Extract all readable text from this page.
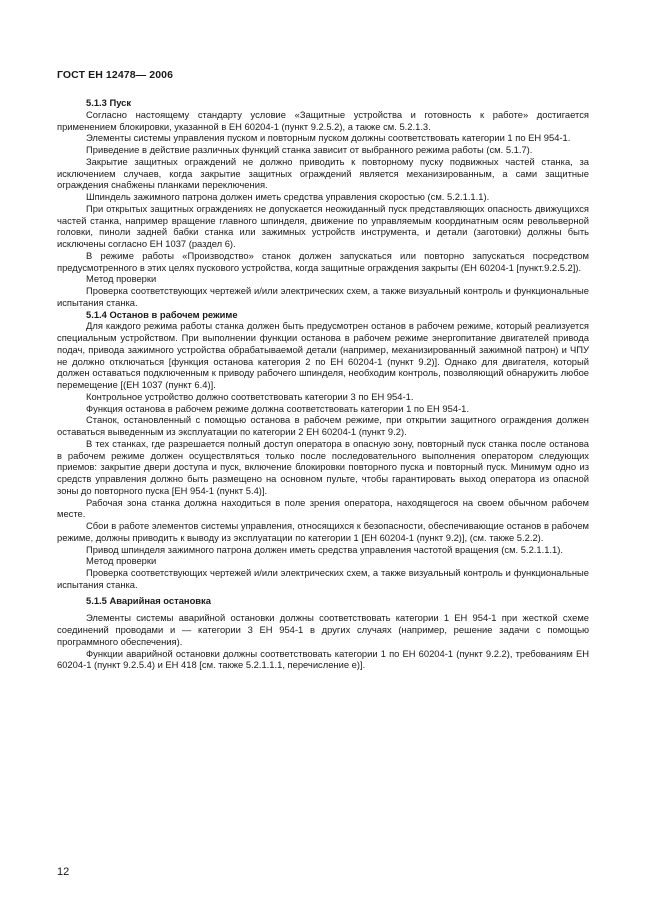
ГОСТ ЕН 12478— 2006

5.1.3 Пуск

Согласно настоящему стандарту условие «Защитные устройства и готовность к работе» достигается применением блокировки, указанной в ЕН 60204-1 (пункт 9.2.5.2), а также см. 5.2.1.3.

Элементы системы управления пуском и повторным пуском должны соответствовать категории 1 по ЕН 954-1.

Приведение в действие различных функций станка зависит от выбранного режима работы (см. 5.1.7).

Закрытие защитных ограждений не должно приводить к повторному пуску подвижных частей станка, за исключением случаев, когда закрытие защитных ограждений является механизированным, а сами защитные ограждения снабжены планками переключения.

Шпиндель зажимного патрона должен иметь средства управления скоростью (см. 5.2.1.1.1).

При открытых защитных ограждениях не допускается неожиданный пуск представляющих опасность движущихся частей станка, например вращение главного шпинделя, движение по управляемым координатным осям револьверной головки, пиноли задней бабки станка или зажимных устройств инструмента, и детали (заготовки) должны быть исключены согласно ЕН 1037 (раздел 6).

В режиме работы «Производство» станок должен запускаться или повторно запускаться посредством предусмотренного в этих целях пускового устройства, когда защитные ограждения закрыты (ЕН 60204-1 [пункт.9.2.5.2]).

Метод проверки

Проверка соответствующих чертежей и/или электрических схем, а также визуальный контроль и функциональные испытания станка.

5.1.4 Останов в рабочем режиме

Для каждого режима работы станка должен быть предусмотрен останов в рабочем режиме, который реализуется специальным устройством. При выполнении функции останова в рабочем режиме энергопитание двигателей привода подач, привода зажимного устройства обрабатываемой детали (например, механизированный зажимной патрон) и ЧПУ не должно отключаться [функция останова категория 2 по ЕН 60204-1 (пункт 9.2)]. Однако для двигателя, который должен оставаться подключенным к приводу рабочего шпинделя, необходим контроль, позволяющий обнаружить любое перемещение [(ЕН 1037 (пункт 6.4)].

Контрольное устройство должно соответствовать категории 3 по ЕН 954-1.

Функция останова в рабочем режиме должна соответствовать категории 1 по ЕН 954-1.

Станок, остановленный с помощью останова в рабочем режиме, при открытии защитного ограждения должен оставаться выведенным из эксплуатации по категории 2 ЕН 60204-1 (пункт 9.2).

В тех станках, где разрешается полный доступ оператора в опасную зону, повторный пуск станка после останова в рабочем режиме должен осуществляться только после последовательного выполнения оператором следующих приемов: закрытие двери доступа и пуск, включение блокировки повторного пуска и повторный пуск. Минимум одно из средств управления должно быть размещено на основном пульте, чтобы гарантировать выход оператора из опасной зоны до повторного пуска [ЕН 954-1 (пункт 5.4)].

Рабочая зона станка должна находиться в поле зрения оператора, находящегося на своем обычном рабочем месте.

Сбои в работе элементов системы управления, относящихся к безопасности, обеспечивающие останов в рабочем режиме, должны приводить к выводу из эксплуатации по категории 1 [ЕН 60204-1 (пункт 9.2)], (см. также 5.2.2).

Привод шпинделя зажимного патрона должен иметь средства управления частотой вращения (см. 5.2.1.1.1).

Метод проверки

Проверка соответствующих чертежей и/или электрических схем, а также визуальный контроль и функциональные испытания станка.

5.1.5 Аварийная остановка

Элементы системы аварийной остановки должны соответствовать категории 1 ЕН 954-1 при жесткой схеме соединений проводами и — категории 3 ЕН 954-1 в других случаях (например, решение задачи с помощью программного обеспечения).

Функции аварийной остановки должны соответствовать категории 1 по ЕН 60204-1 (пункт 9.2.2), требованиям ЕН 60204-1 (пункт 9.2.5.4) и ЕН 418 [см. также 5.2.1.1.1, перечисление е)].

12
